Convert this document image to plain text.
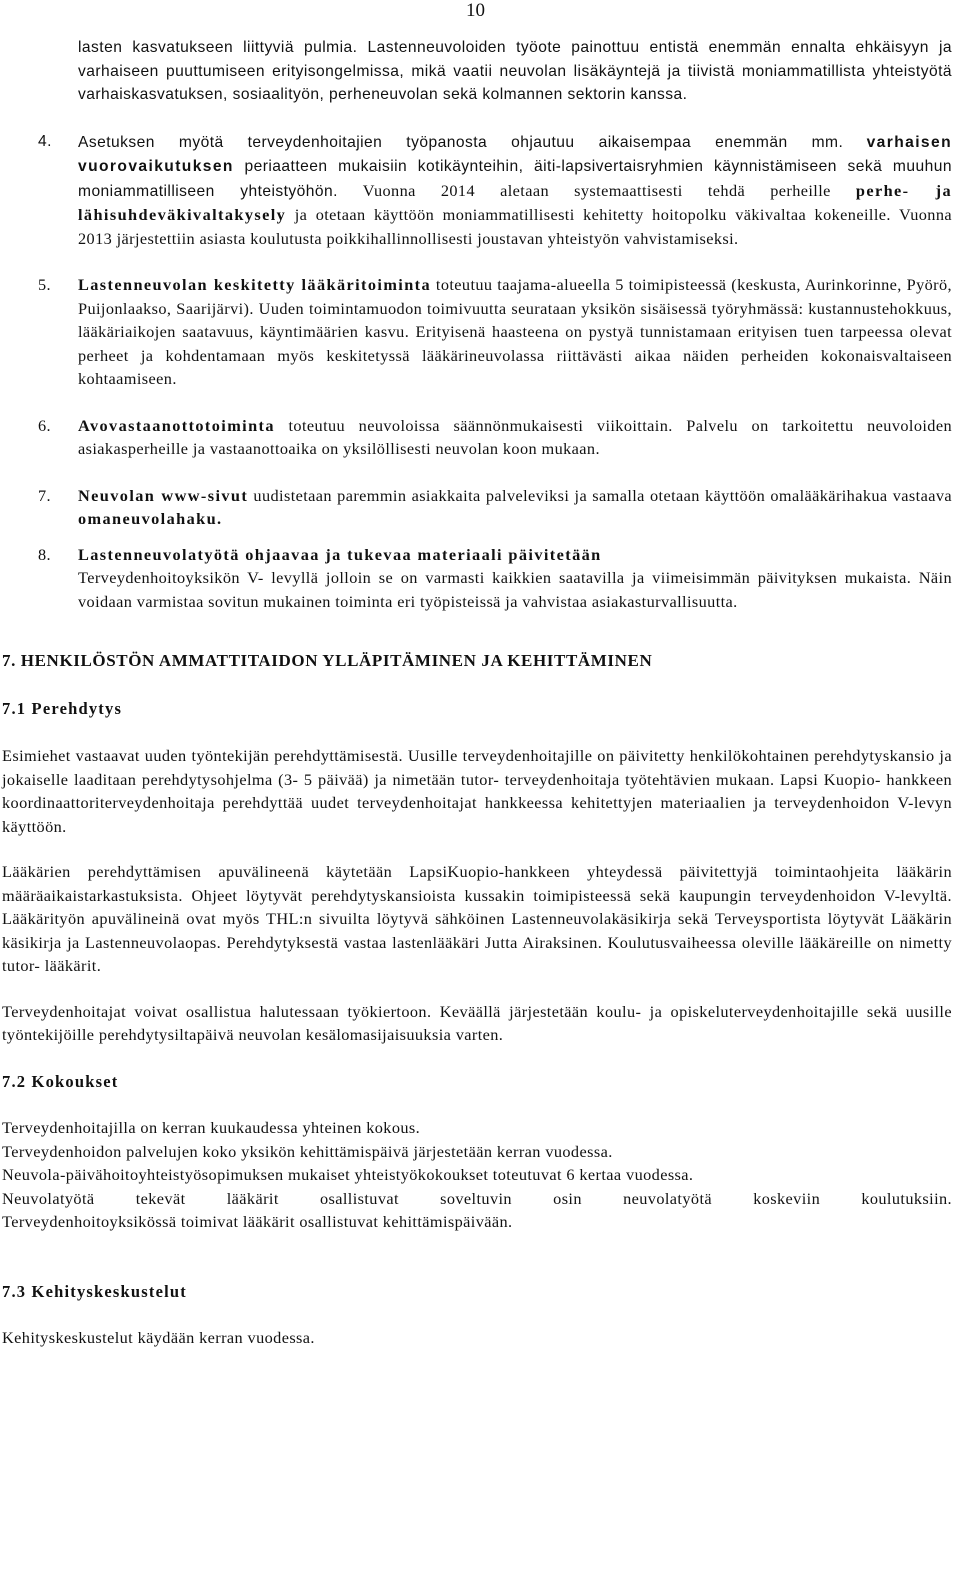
10
lasten kasvatukseen liittyviä pulmia. Lastenneuvoloiden työote painottuu entistä enemmän ennalta ehkäisyyn ja varhaiseen puuttumiseen erityisongelmissa, mikä vaatii neuvolan lisäkäyntejä ja tiivistä moniammatillista yhteistyötä varhaiskasvatuksen, sosiaalityön, perheneuvolan sekä kolmannen sektorin kanssa.
4. Asetuksen myötä terveydenhoitajien työpanosta ohjautuu aikaisempaa enemmän mm. varhaisen vuorovaikutuksen periaatteen mukaisiin kotikäynteihin, äiti-lapsivertaisryhmien käynnistämiseen sekä muuhun moniammatilliseen yhteistyöhön. Vuonna 2014 aletaan systemaattisesti tehdä perheille perhe- ja lähisuhdeväkivaltakysely ja otetaan käyttöön moniammatillisesti kehitetty hoitopolku väkivaltaa kokeneille. Vuonna 2013 järjestettiin asiasta koulutusta poikkihallinnollisesti joustavan yhteistyön vahvistamiseksi.
5. Lastenneuvolan keskitetty lääkäritoiminta toteutuu taajama-alueella 5 toimipisteessä (keskusta, Aurinkorinne, Pyörö, Puijonlaakso, Saarijärvi). Uuden toimintamuodon toimivuutta seurataan yksikön sisäisessä työryhmässä: kustannustehokkuus, lääkäriaikojen saatavuus, käyntimäärien kasvu. Erityisenä haasteena on pystyä tunnistamaan erityisen tuen tarpeessa olevat perheet ja kohdentamaan myös keskitetyssä lääkärineuvolassa riittävästi aikaa näiden perheiden kokonaisvaltaiseen kohtaamiseen.
6. Avovastaanottotoiminta toteutuu neuvoloissa säännönmukaisesti viikoittain. Palvelu on tarkoitettu neuvoloiden asiakasperheille ja vastaanottoaika on yksilöllisesti neuvolan koon mukaan.
7. Neuvolan www-sivut uudistetaan paremmin asiakkaita palveleviksi ja samalla otetaan käyttöön omalääkärihakua vastaava omaneuvolahaku.
8. Lastenneuvolatyötä ohjaavaa ja tukevaa materiaali päivitetään
Terveydenhoitoyksikön V- levyllä jolloin se on varmasti kaikkien saatavilla ja viimeisimmän päivityksen mukaista. Näin voidaan varmistaa sovitun mukainen toiminta eri työpisteissä ja vahvistaa asiakasturvallisuutta.
7. HENKILÖSTÖN AMMATTITAIDON YLLÄPITÄMINEN JA KEHITTÄMINEN
7.1 Perehdytys

Esimiehet vastaavat uuden työntekijän perehdyttämisestä. Uusille terveydenhoitajille on päivitetty henkilökohtainen perehdytyskansio ja jokaiselle laaditaan perehdytysohjelma (3- 5 päivää) ja nimetään tutor- terveydenhoitaja työtehtävien mukaan. Lapsi Kuopio- hankkeen koordinaattoriterveydenhoitaja perehdyttää uudet terveydenhoitajat hankkeessa kehitettyjen materiaalien ja terveydenhoidon V-levyn käyttöön.

Lääkärien perehdyttämisen apuvälineenä käytetään LapsiKuopio-hankkeen yhteydessä päivitettyjä toimintaohjeita lääkärin määräaikaistarkastuksista. Ohjeet löytyvät perehdytyskansioista kussakin toimipisteessä sekä kaupungin terveydenhoidon V-levyltä. Lääkärityön apuvälineinä ovat myös THL:n sivuilta löytyvä sähköinen Lastenneuvolakäsikirja sekä Terveysportista löytyvät Lääkärin käsikirja ja Lastenneuvolaopas. Perehdytyksestä vastaa lastenlääkäri Jutta Airaksinen. Koulutusvaiheessa oleville lääkäreille on nimetty tutor- lääkärit.

Terveydenhoitajat voivat osallistua halutessaan työkiertoon. Keväällä järjestetään koulu- ja opiskeluterveydenhoitajille sekä uusille työntekijöille perehdytysiltapäivä neuvolan kesälomasijaisuuksia varten.

7.2 Kokoukset

Terveydenhoitajilla on kerran kuukaudessa yhteinen kokous.

Terveydenhoidon palvelujen koko yksikön kehittämispäivä järjestetään kerran vuodessa.

Neuvola-päivähoitoyhteistyösopimuksen mukaiset yhteistyökokoukset toteutuvat 6 kertaa vuodessa.

Neuvolatyötä tekevät lääkärit osallistuvat soveltuvin osin neuvolatyötä koskeviin koulutuksiin.

Terveydenhoitoyksikössä toimivat lääkärit osallistuvat kehittämispäivään.

7.3 Kehityskeskustelut

Kehityskeskustelut käydään kerran vuodessa.
